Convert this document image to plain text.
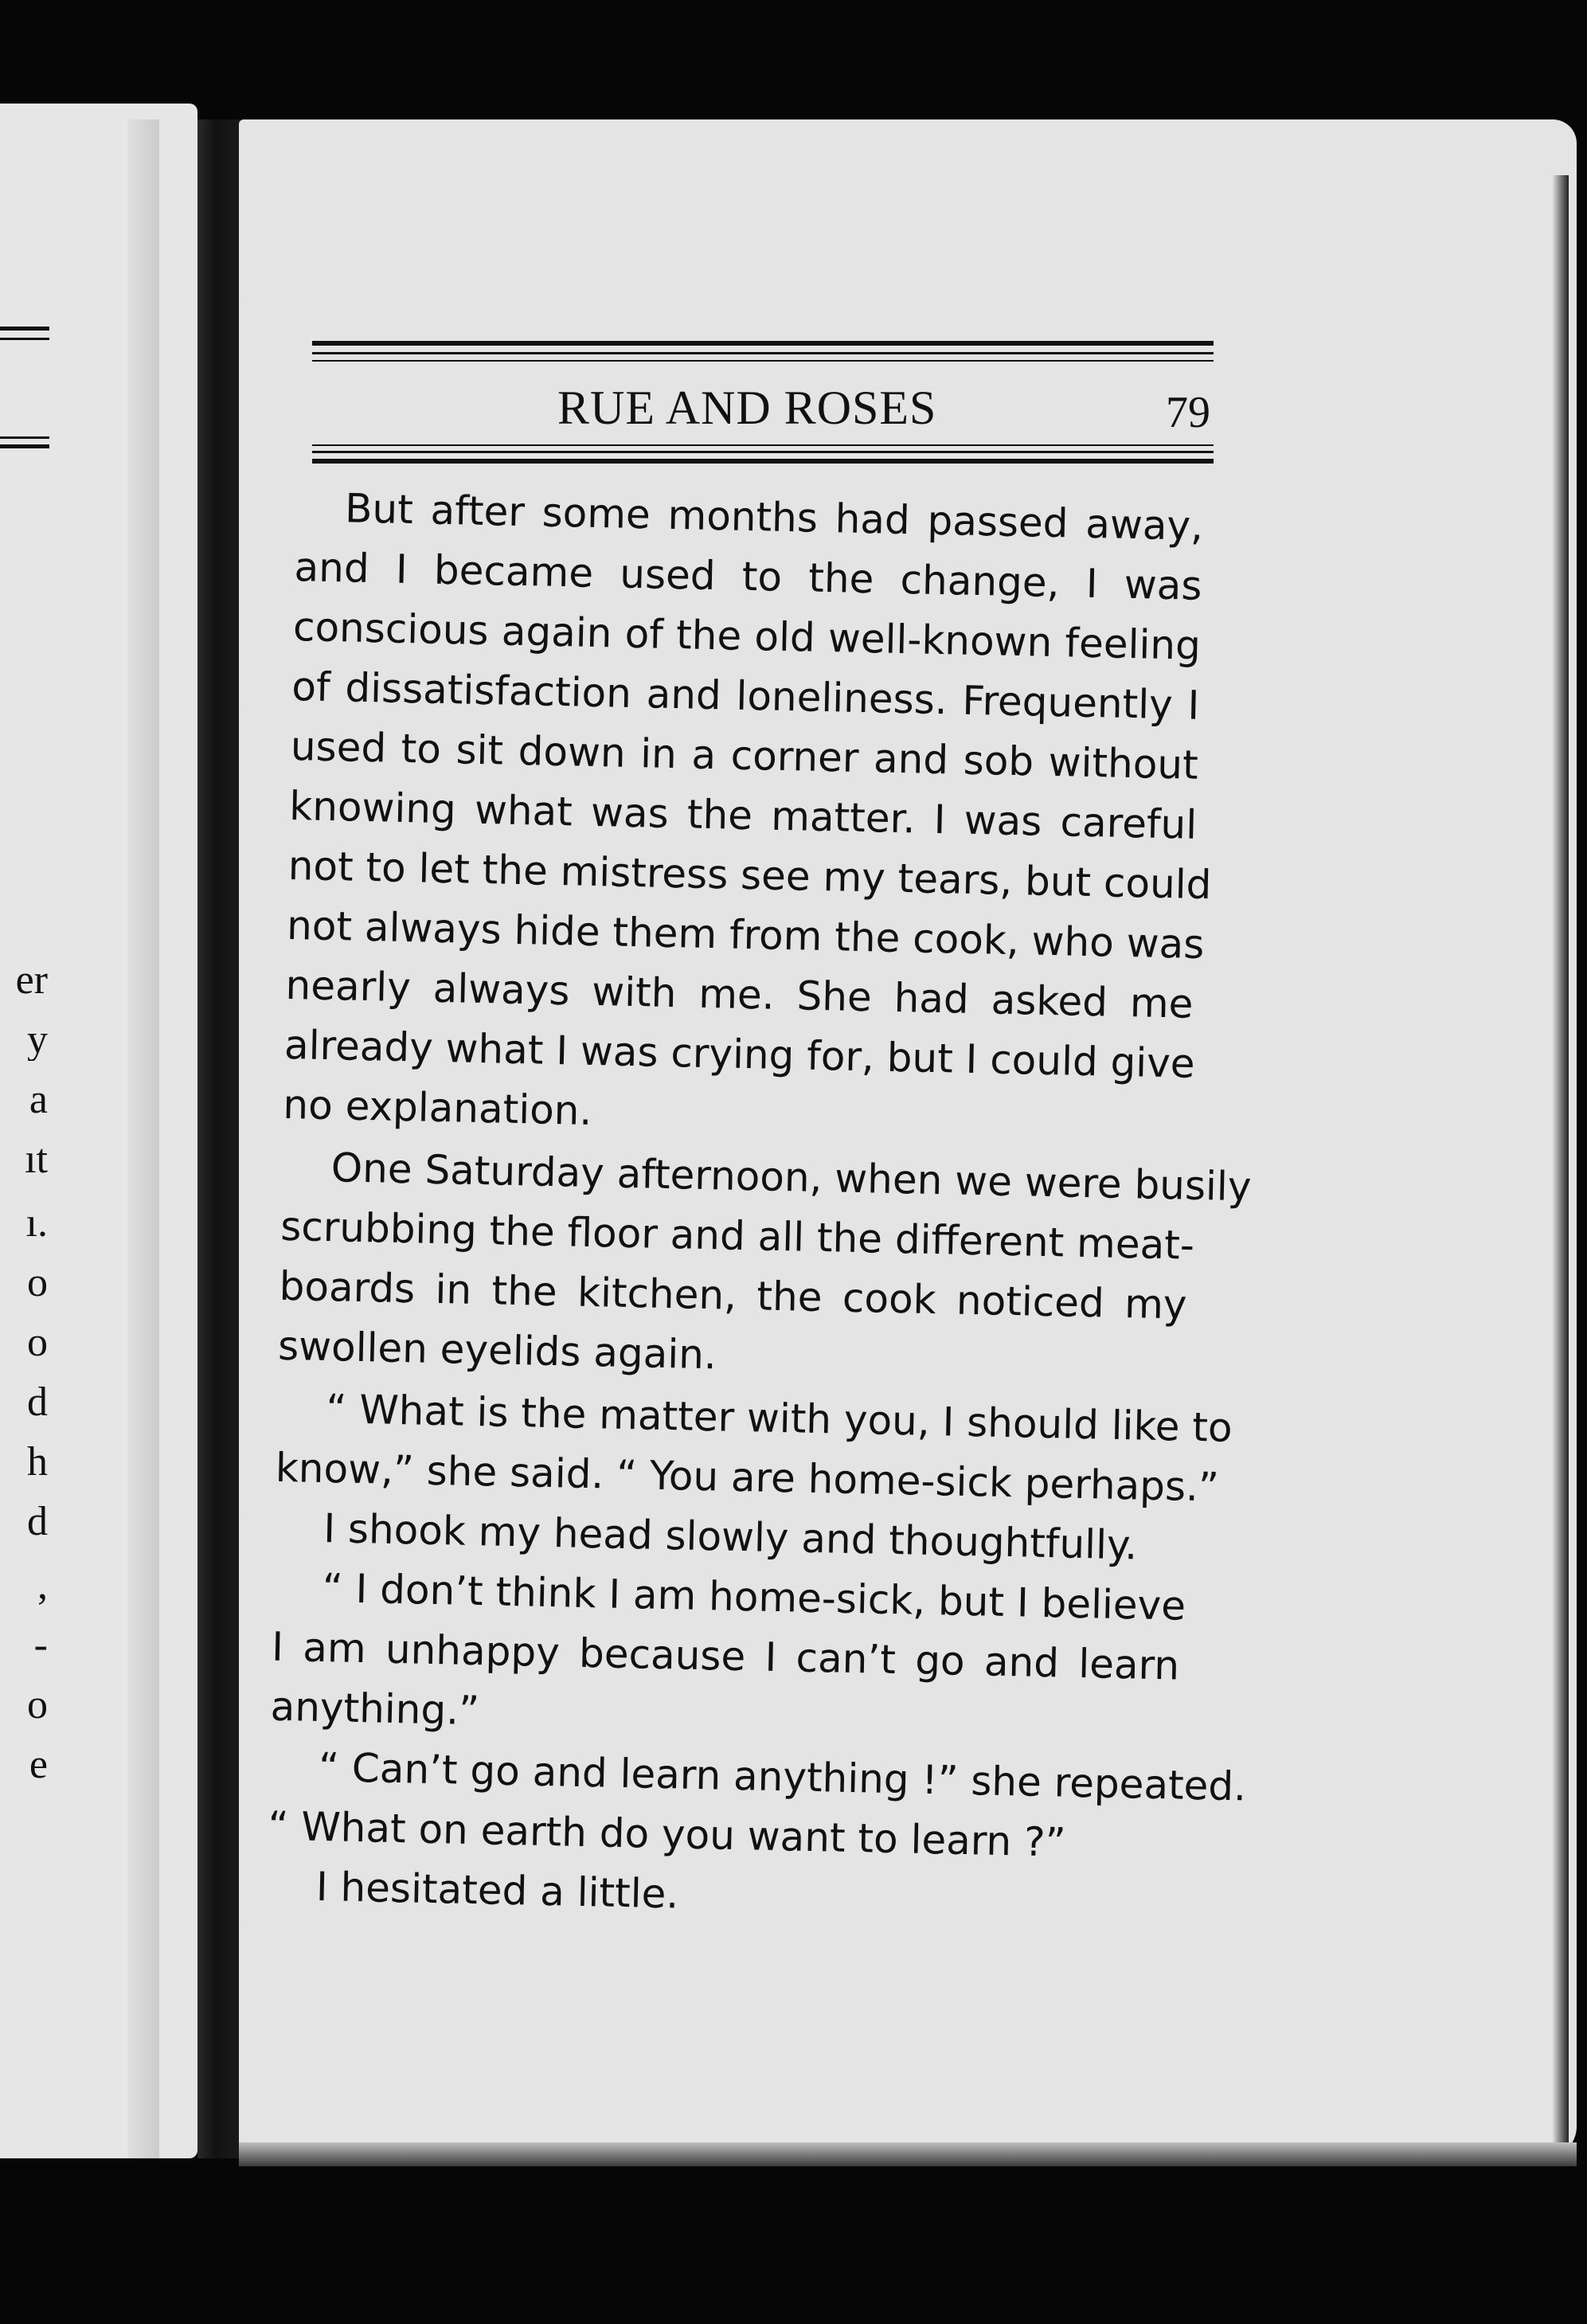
er
y
a
ıt
ı.
o
o
d
h
d
,
-
o
e
RUE AND ROSES	79
But after some months had passed away,
and I became used to the change, I was
conscious again of the old well-known feeling
of dissatisfaction and loneliness. Frequently I
used to sit down in a corner and sob without
knowing what was the matter. I was careful
not to let the mistress see my tears, but could
not always hide them from the cook, who was
nearly always with me. She had asked me
already what I was crying for, but I could give
no explanation.
One Saturday afternoon, when we were busily
scrubbing the floor and all the different meat-
boards in the kitchen, the cook noticed my
swollen eyelids again.
“ What is the matter with you, I should like to
know,” she said. “ You are home-sick perhaps.”
I shook my head slowly and thoughtfully.
“ I don’t think I am home-sick, but I believe
I am unhappy because I can’t go and learn
anything.”
“ Can’t go and learn anything !” she repeated.
“ What on earth do you want to learn ?”
I hesitated a little.
